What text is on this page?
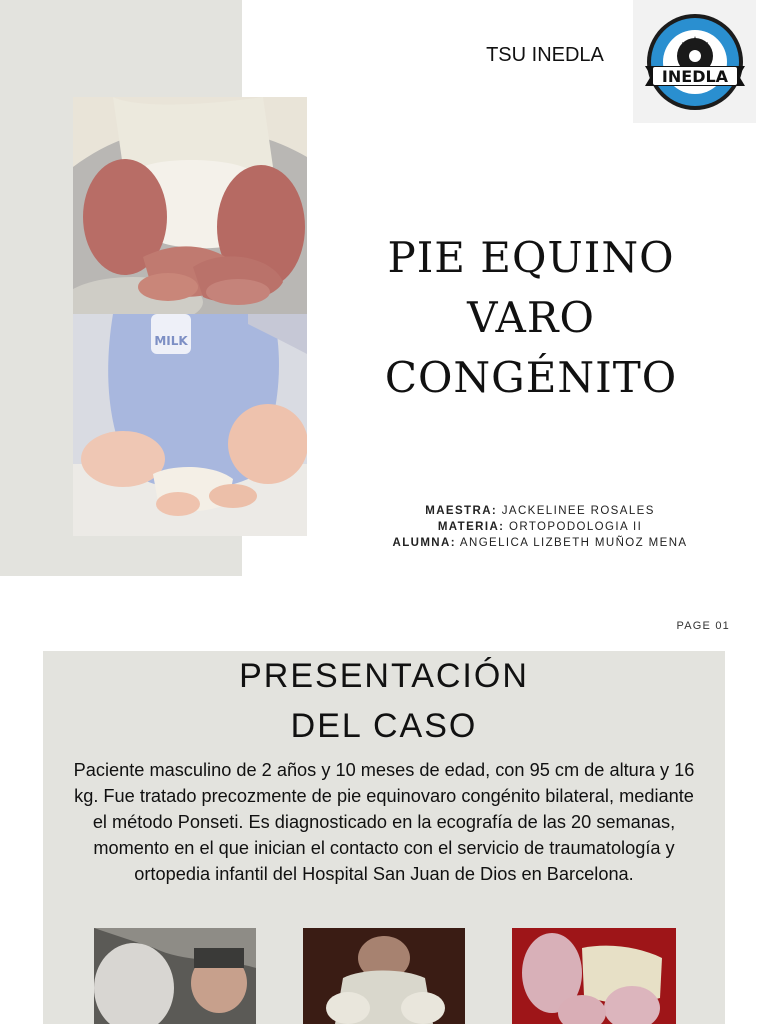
MILK
TSU INEDLA
INEDLA
PIE EQUINO VARO
CONGÉNITO
MAESTRA: JACKELINEE ROSALES
MATERIA: ORTOPODOLOGIA II
ALUMNA: ANGELICA LIZBETH MUÑOZ MENA
PAGE 01
PRESENTACIÓN
DEL CASO
Paciente masculino de 2 años y 10 meses de edad, con 95 cm de altura y 16 kg. Fue tratado precozmente de pie equinovaro congénito bilateral, mediante el método Ponseti. Es diagnosticado en la ecografía de las 20 semanas, momento en el que inician el contacto con el servicio de traumatología y ortopedia infantil del Hospital San Juan de Dios en Barcelona.
